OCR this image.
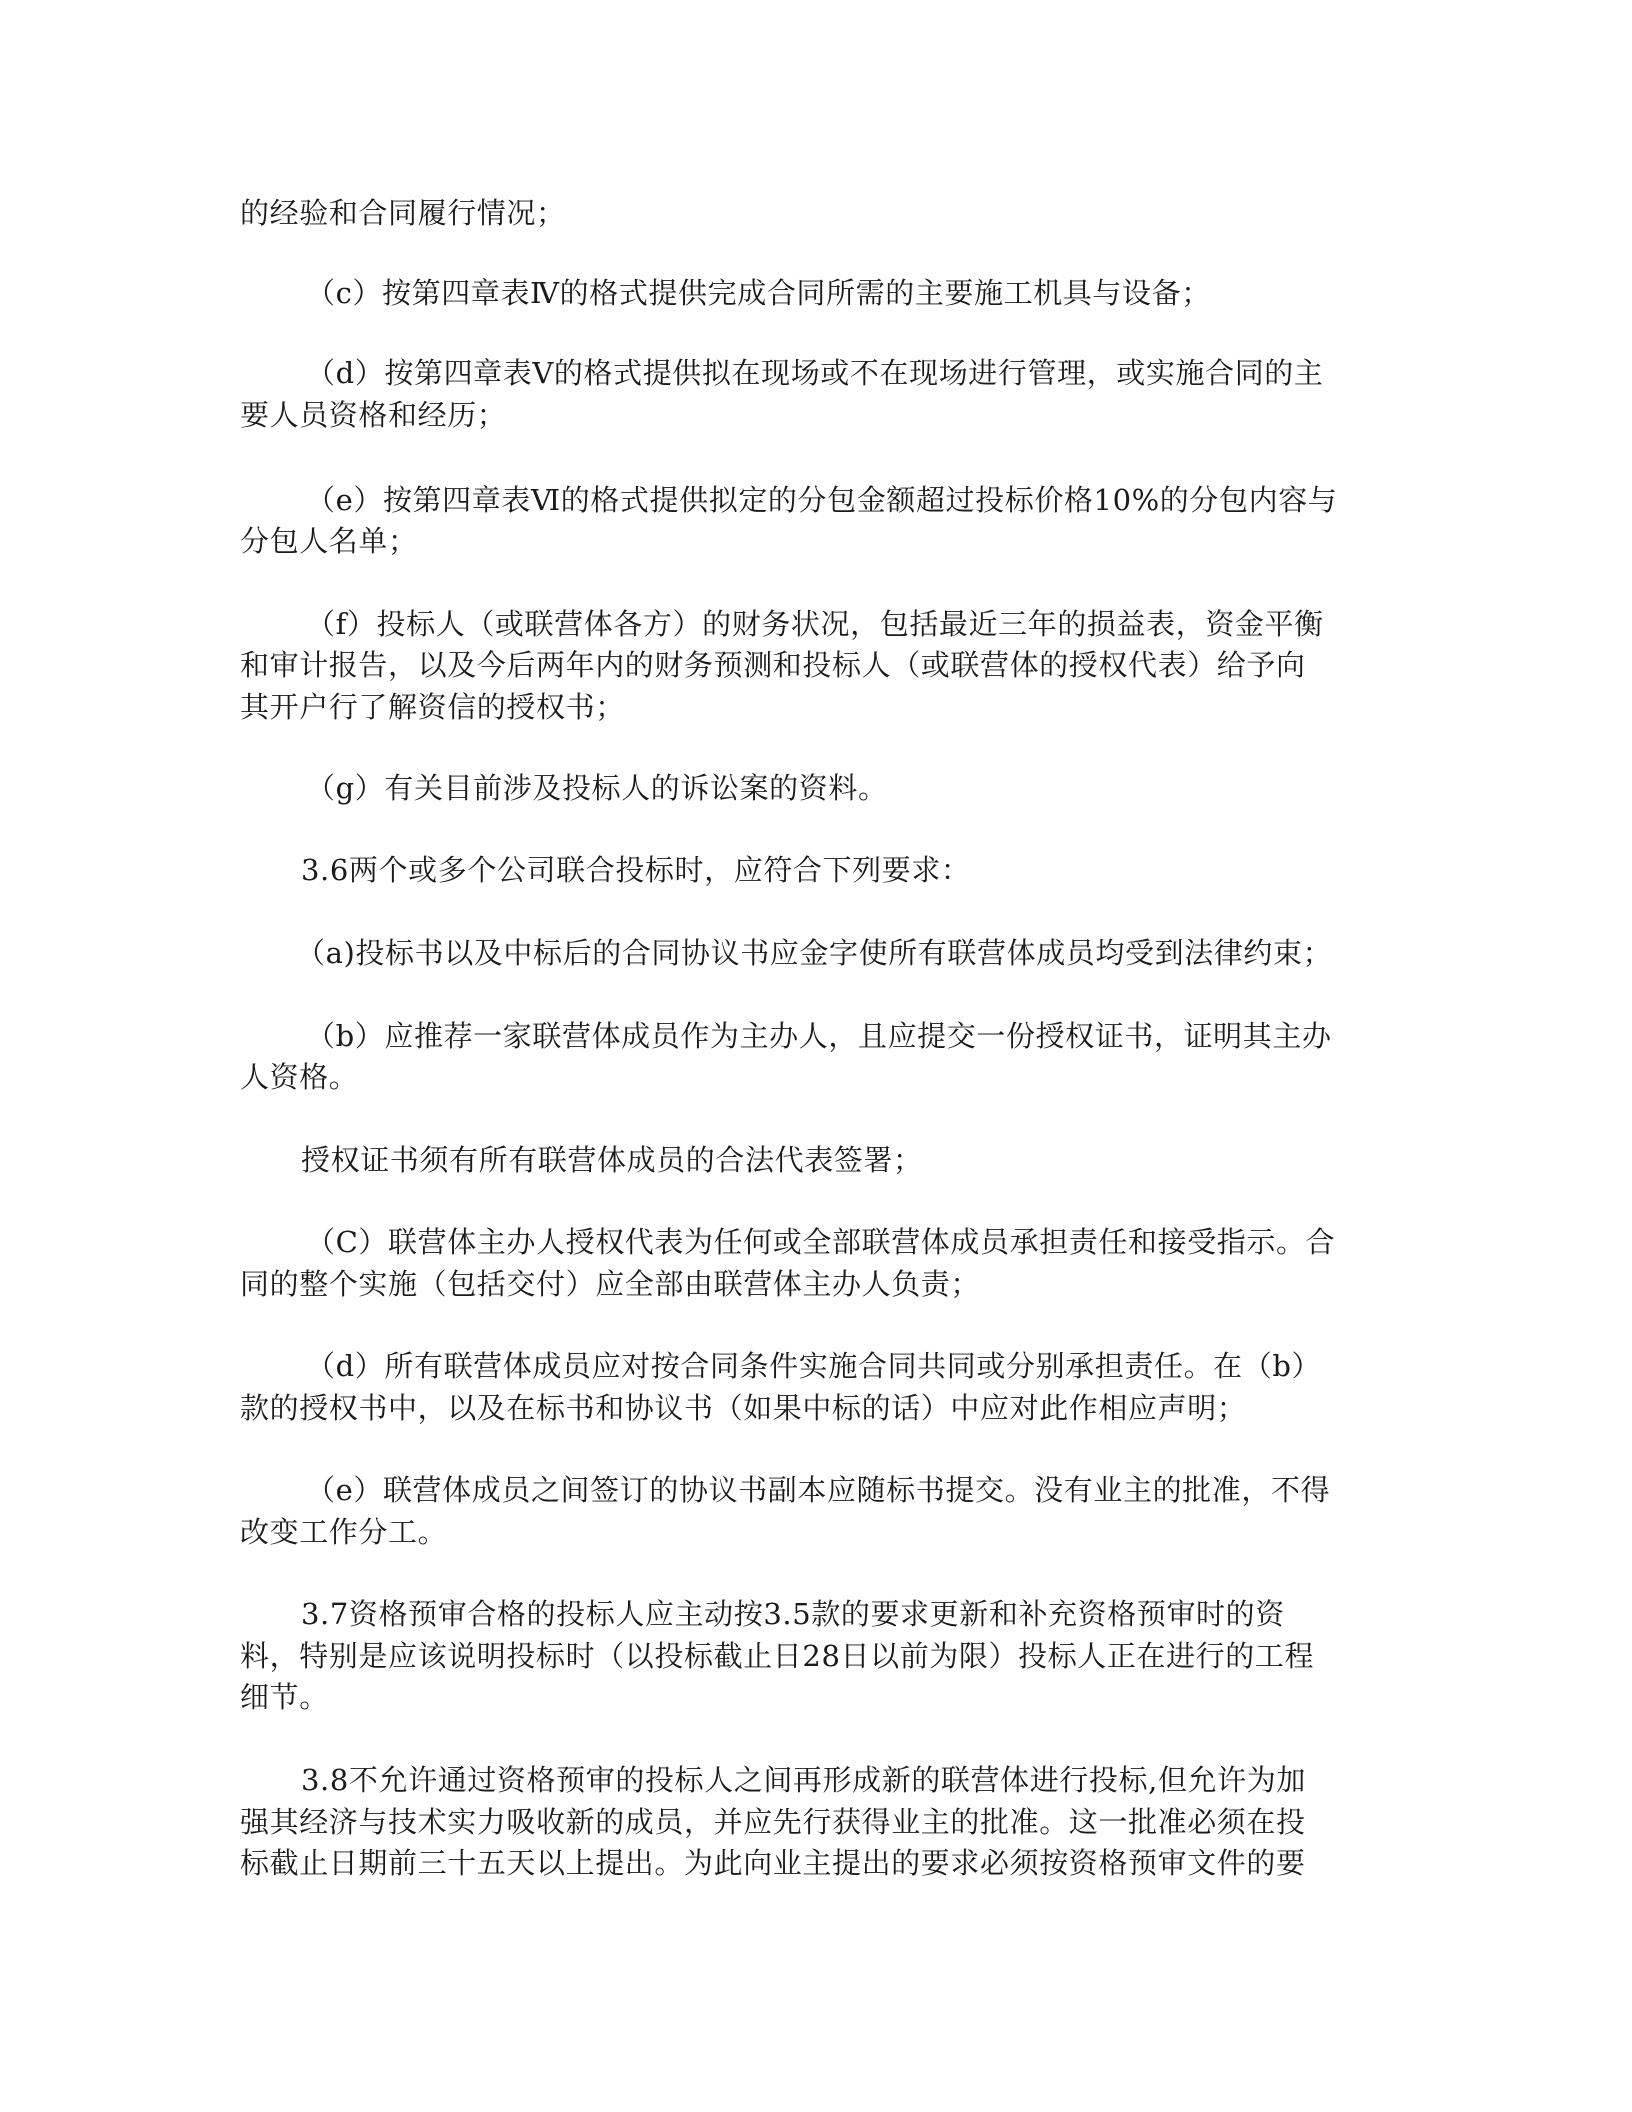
的经验和合同履行情况；
（c）按第四章表Ⅳ的格式提供完成合同所需的主要施工机具与设备；
（d）按第四章表Ⅴ的格式提供拟在现场或不在现场进行管理，或实施合同的主
要人员资格和经历；
（e）按第四章表Ⅵ的格式提供拟定的分包金额超过投标价格10%的分包内容与
分包人名单；
（f）投标人（或联营体各方）的财务状况，包括最近三年的损益表，资金平衡
和审计报告，以及今后两年内的财务预测和投标人（或联营体的授权代表）给予向
其开户行了解资信的授权书；
（g）有关目前涉及投标人的诉讼案的资料。
3.6两个或多个公司联合投标时，应符合下列要求：
（a)投标书以及中标后的合同协议书应金字使所有联营体成员均受到法律约束；
（b）应推荐一家联营体成员作为主办人，且应提交一份授权证书，证明其主办
人资格。
授权证书须有所有联营体成员的合法代表签署；
（C）联营体主办人授权代表为任何或全部联营体成员承担责任和接受指示。合
同的整个实施（包括交付）应全部由联营体主办人负责；
（d）所有联营体成员应对按合同条件实施合同共同或分别承担责任。在（b）
款的授权书中，以及在标书和协议书（如果中标的话）中应对此作相应声明；
（e）联营体成员之间签订的协议书副本应随标书提交。没有业主的批准，不得
改变工作分工。
3.7资格预审合格的投标人应主动按3.5款的要求更新和补充资格预审时的资
料，特别是应该说明投标时（以投标截止日28日以前为限）投标人正在进行的工程
细节。
3.8不允许通过资格预审的投标人之间再形成新的联营体进行投标,但允许为加
强其经济与技术实力吸收新的成员，并应先行获得业主的批准。这一批准必须在投
标截止日期前三十五天以上提出。为此向业主提出的要求必须按资格预审文件的要
